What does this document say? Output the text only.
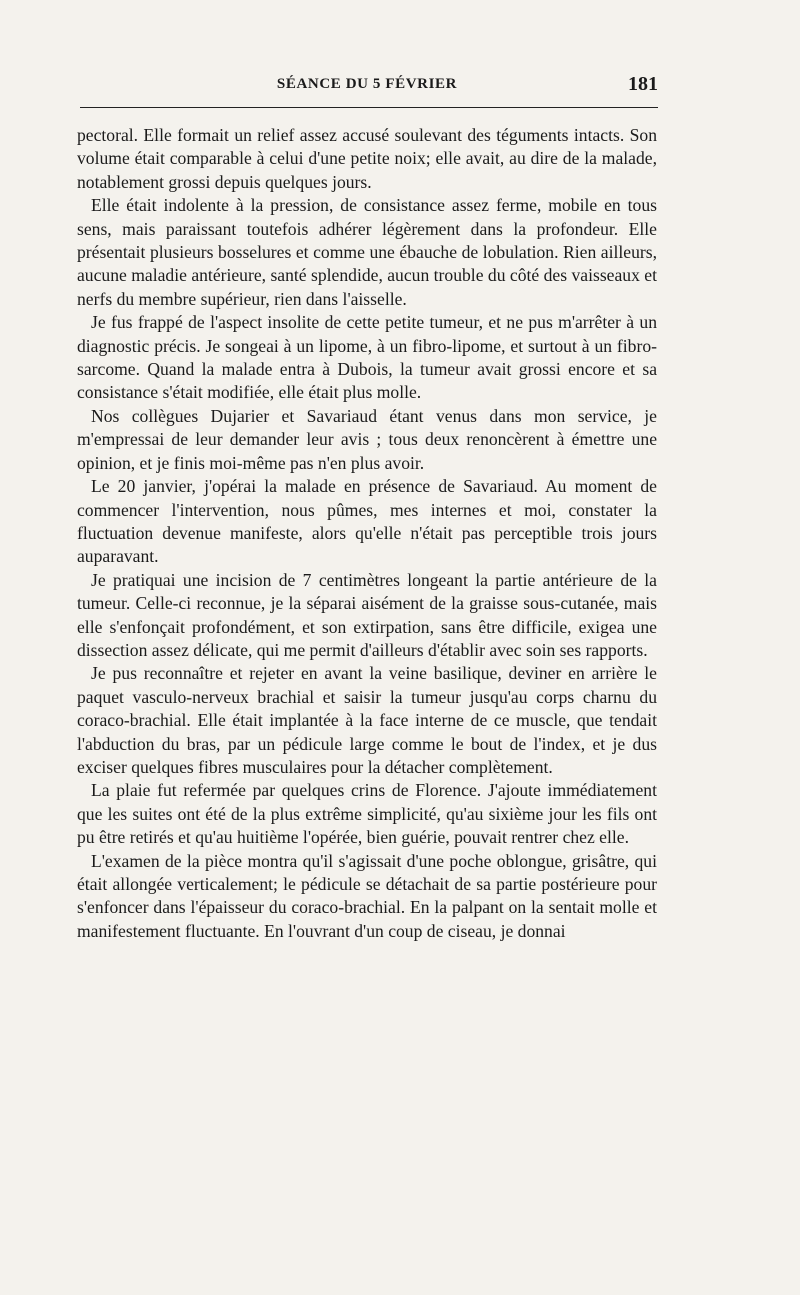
SÉANCE DU 5 FÉVRIER	181

pectoral. Elle formait un relief assez accusé soulevant des téguments intacts. Son volume était comparable à celui d'une petite noix; elle avait, au dire de la malade, notablement grossi depuis quelques jours.

Elle était indolente à la pression, de consistance assez ferme, mobile en tous sens, mais paraissant toutefois adhérer légèrement dans la profondeur. Elle présentait plusieurs bosselures et comme une ébauche de lobulation. Rien ailleurs, aucune maladie antérieure, santé splendide, aucun trouble du côté des vaisseaux et nerfs du membre supérieur, rien dans l'aisselle.

Je fus frappé de l'aspect insolite de cette petite tumeur, et ne pus m'arrêter à un diagnostic précis. Je songeai à un lipome, à un fibro-lipome, et surtout à un fibro-sarcome. Quand la malade entra à Dubois, la tumeur avait grossi encore et sa consistance s'était modifiée, elle était plus molle.

Nos collègues Dujarier et Savariaud étant venus dans mon service, je m'empressai de leur demander leur avis ; tous deux renoncèrent à émettre une opinion, et je finis moi-même pas n'en plus avoir.

Le 20 janvier, j'opérai la malade en présence de Savariaud. Au moment de commencer l'intervention, nous pûmes, mes internes et moi, constater la fluctuation devenue manifeste, alors qu'elle n'était pas perceptible trois jours auparavant.

Je pratiquai une incision de 7 centimètres longeant la partie antérieure de la tumeur. Celle-ci reconnue, je la séparai aisément de la graisse sous-cutanée, mais elle s'enfonçait profondément, et son extirpation, sans être difficile, exigea une dissection assez délicate, qui me permit d'ailleurs d'établir avec soin ses rapports.

Je pus reconnaître et rejeter en avant la veine basilique, deviner en arrière le paquet vasculo-nerveux brachial et saisir la tumeur jusqu'au corps charnu du coraco-brachial. Elle était implantée à la face interne de ce muscle, que tendait l'abduction du bras, par un pédicule large comme le bout de l'index, et je dus exciser quelques fibres musculaires pour la détacher complètement.

La plaie fut refermée par quelques crins de Florence. J'ajoute immédiatement que les suites ont été de la plus extrême simplicité, qu'au sixième jour les fils ont pu être retirés et qu'au huitième l'opérée, bien guérie, pouvait rentrer chez elle.

L'examen de la pièce montra qu'il s'agissait d'une poche oblongue, grisâtre, qui était allongée verticalement; le pédicule se détachait de sa partie postérieure pour s'enfoncer dans l'épaisseur du coraco-brachial. En la palpant on la sentait molle et manifestement fluctuante. En l'ouvrant d'un coup de ciseau, je donnai
